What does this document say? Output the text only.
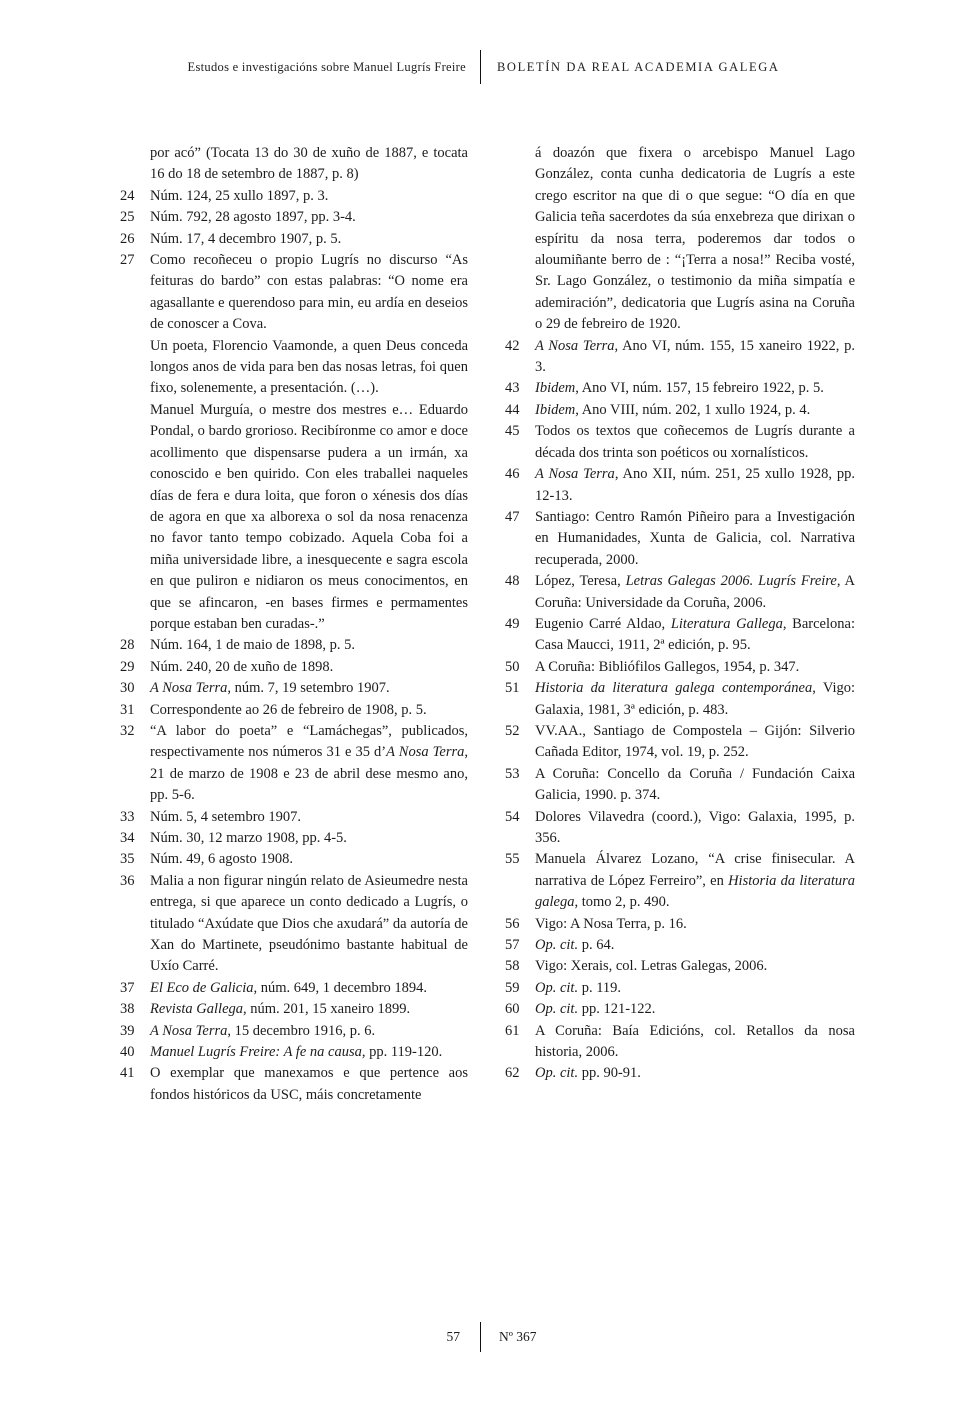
Estudos e investigacións sobre Manuel Lugrís Freire	BOLETÍN DA REAL ACADEMIA GALEGA
por acó” (Tocata 13 do 30 de xuño de 1887, e tocata 16 do 18 de setembro de 1887, p. 8)
24	Núm. 124, 25 xullo 1897, p. 3.
25	Núm. 792, 28 agosto 1897, pp. 3-4.
26	Núm. 17, 4 decembro 1907, p. 5.
27	Como recoñeceu o propio Lugrís no discurso “As feituras do bardo” con estas palabras: “O nome era agasallante e querendoso para min, eu ardía en deseios de conoscer a Cova.
Un poeta, Florencio Vaamonde, a quen Deus conceda longos anos de vida para ben das nosas letras, foi quen fixo, solenemente, a presentación. (…).
Manuel Murguía, o mestre dos mestres e… Eduardo Pondal, o bardo grorioso. Recibíronme co amor e doce acollimento que dispensarse pudera a un irmán, xa conoscido e ben quirido. Con eles traballei naqueles días de fera e dura loita, que foron o xénesis dos días de agora en que xa alborexa o sol da nosa renacenza no favor tanto tempo cobizado. Aquela Coba foi a miña universidade libre, a inesquecente e sagra escola en que puliron e nidiaron os meus conocimentos, en que se afincaron, -en bases firmes e permamentes porque estaban ben curadas-.”
28	Núm. 164, 1 de maio de 1898, p. 5.
29	Núm. 240, 20 de xuño de 1898.
30	A Nosa Terra, núm. 7, 19 setembro 1907.
31	Correspondente ao 26 de febreiro de 1908, p. 5.
32	“A labor do poeta” e “Lamáchegas”, publicados, respectivamente nos números 31 e 35 d’A Nosa Terra, 21 de marzo de 1908 e 23 de abril dese mesmo ano, pp. 5-6.
33	Núm. 5, 4 setembro 1907.
34	Núm. 30, 12 marzo 1908, pp. 4-5.
35	Núm. 49, 6 agosto 1908.
36	Malia a non figurar ningún relato de Asieumedre nesta entrega, si que aparece un conto dedicado a Lugrís, o titulado “Axúdate que Dios che axudará” da autoría de Xan do Martinete, pseudónimo bastante habitual de Uxío Carré.
37	El Eco de Galicia, núm. 649, 1 decembro 1894.
38	Revista Gallega, núm. 201, 15 xaneiro 1899.
39	A Nosa Terra, 15 decembro 1916, p. 6.
40	Manuel Lugrís Freire: A fe na causa, pp. 119-120.
41	O exemplar que manexamos e que pertence aos fondos históricos da USC, máis concretamente
á doazón que fixera o arcebispo Manuel Lago González, conta cunha dedicatoria de Lugrís a este crego escritor na que di o que segue: “O día en que Galicia teña sacerdotes da súa enxebreza que dirixan o espíritu da nosa terra, poderemos dar todos o aloumiñante berro de : “¡Terra a nosa!” Reciba vosté, Sr. Lago González, o testimonio da miña simpatía e ademiración”, dedicatoria que Lugrís asina na Coruña o 29 de febreiro de 1920.
42	A Nosa Terra, Ano VI, núm. 155, 15 xaneiro 1922, p. 3.
43	Ibidem, Ano VI, núm. 157, 15 febreiro 1922, p. 5.
44	Ibidem, Ano VIII, núm. 202, 1 xullo 1924, p. 4.
45	Todos os textos que coñecemos de Lugrís durante a década dos trinta son poéticos ou xornalísticos.
46	A Nosa Terra, Ano XII, núm. 251, 25 xullo 1928, pp. 12-13.
47	Santiago: Centro Ramón Piñeiro para a Investigación en Humanidades, Xunta de Galicia, col. Narrativa recuperada, 2000.
48	López, Teresa, Letras Galegas 2006. Lugrís Freire, A Coruña: Universidade da Coruña, 2006.
49	Eugenio Carré Aldao, Literatura Gallega, Barcelona: Casa Maucci, 1911, 2ª edición, p. 95.
50	A Coruña: Bibliófilos Gallegos, 1954, p. 347.
51	Historia da literatura galega contemporánea, Vigo: Galaxia, 1981, 3ª edición, p. 483.
52	VV.AA., Santiago de Compostela – Gijón: Silverio Cañada Editor, 1974, vol. 19, p. 252.
53	A Coruña: Concello da Coruña / Fundación Caixa Galicia, 1990. p. 374.
54	Dolores Vilavedra (coord.), Vigo: Galaxia, 1995, p. 356.
55	Manuela Álvarez Lozano, “A crise finisecular. A narrativa de López Ferreiro”, en Historia da literatura galega, tomo 2, p. 490.
56	Vigo: A Nosa Terra, p. 16.
57	Op. cit. p. 64.
58	Vigo: Xerais, col. Letras Galegas, 2006.
59	Op. cit. p. 119.
60	Op. cit. pp. 121-122.
61	A Coruña: Baía Edicións, col. Retallos da nosa historia, 2006.
62	Op. cit. pp. 90-91.
57	Nº 367
